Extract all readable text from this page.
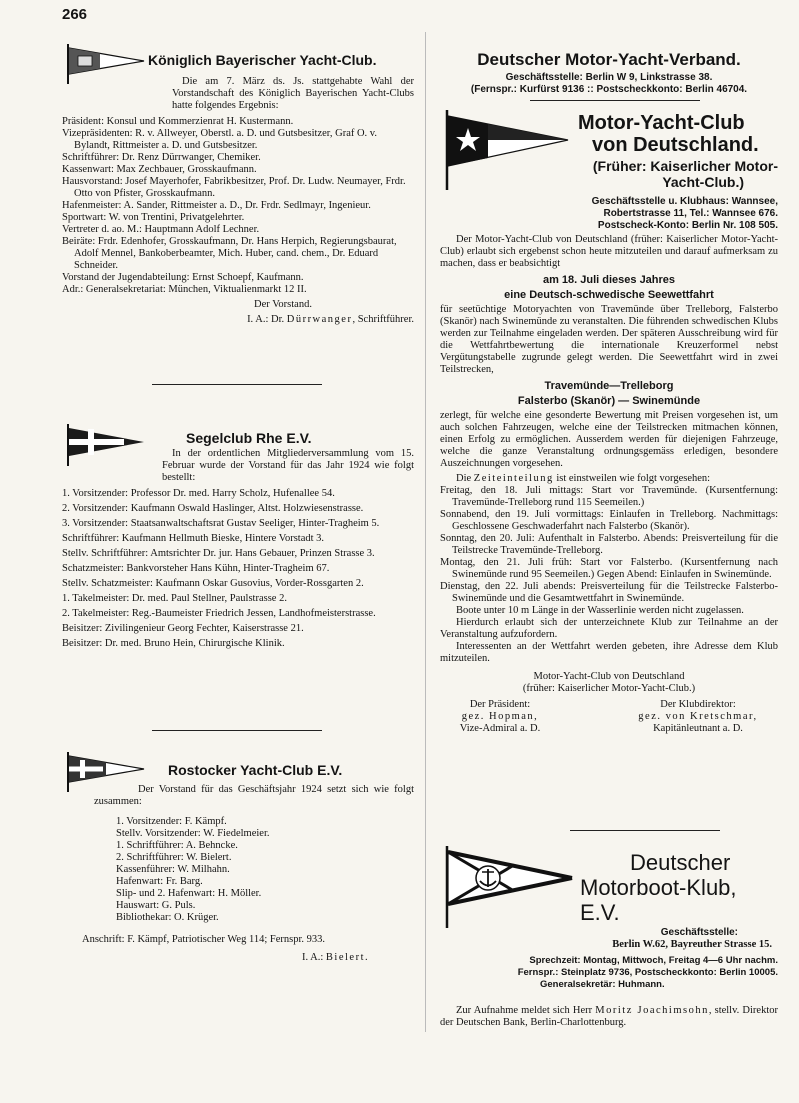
266

Königlich Bayerischer Yacht-Club.

Die am 7. März ds. Js. stattgehabte Wahl der Vorstandschaft des Königlich Bayerischen Yacht-Clubs hatte folgendes Ergebnis:

Präsident: Konsul und Kommerzienrat H. Kustermann.

Vizepräsidenten: R. v. Allweyer, Oberstl. a. D. und Gutsbesitzer, Graf O. v. Bylandt, Rittmeister a. D. und Gutsbesitzer.

Schriftführer: Dr. Renz Dürrwanger, Chemiker.

Kassenwart: Max Zechbauer, Grosskaufmann.

Hausvorstand: Josef Mayerhofer, Fabrikbesitzer, Prof. Dr. Ludw. Neumayer, Frdr. Otto von Pfister, Grosskaufmann.

Hafenmeister: A. Sander, Rittmeister a. D., Dr. Frdr. Sedlmayr, Ingenieur.

Sportwart: W. von Trentini, Privatgelehrter.

Vertreter d. ao. M.: Hauptmann Adolf Lechner.

Beiräte: Frdr. Edenhofer, Grosskaufmann, Dr. Hans Herpich, Regierungsbaurat, Adolf Mennel, Bankoberbeamter, Mich. Huber, cand. chem., Dr. Eduard Schneider.

Vorstand der Jugendabteilung: Ernst Schoepf, Kaufmann.

Adr.: Generalsekretariat: München, Viktualienmarkt 12 II.

Der Vorstand.

I. A.: Dr. Dürrwanger, Schriftführer.

Segelclub Rhe E.V.

In der ordentlichen Mitgliederversammlung vom 15. Februar wurde der Vorstand für das Jahr 1924 wie folgt bestellt:

1. Vorsitzender: Professor Dr. med. Harry Scholz, Hufenallee 54.

2. Vorsitzender: Kaufmann Oswald Haslinger, Altst. Holzwiesenstrasse.

3. Vorsitzender: Staatsanwaltschaftsrat Gustav Seeliger, Hinter-Tragheim 5.

Schriftführer: Kaufmann Hellmuth Bieske, Hintere Vorstadt 3.

Stellv. Schriftführer: Amtsrichter Dr. jur. Hans Gebauer, Prinzen Strasse 3.

Schatzmeister: Bankvorsteher Hans Kühn, Hinter-Tragheim 67.

Stellv. Schatzmeister: Kaufmann Oskar Gusovius, Vorder-Rossgarten 2.

1. Takelmeister: Dr. med. Paul Stellner, Paulstrasse 2.

2. Takelmeister: Reg.-Baumeister Friedrich Jessen, Landhofmeisterstrasse.

Beisitzer: Zivilingenieur Georg Fechter, Kaiserstrasse 21.

Beisitzer: Dr. med. Bruno Hein, Chirurgische Klinik.

Rostocker Yacht-Club E.V.

Der Vorstand für das Geschäftsjahr 1924 setzt sich wie folgt zusammen:

1. Vorsitzender: F. Kämpf.

Stellv. Vorsitzender: W. Fiedelmeier.

1. Schriftführer: A. Behncke.

2. Schriftführer: W. Bielert.

Kassenführer: W. Milhahn.

Hafenwart: Fr. Barg.

Slip- und 2. Hafenwart: H. Möller.

Hauswart: G. Puls.

Bibliothekar: O. Krüger.

Anschrift: F. Kämpf, Patriotischer Weg 114; Fernspr. 933.

I. A.: Bielert.

Deutscher Motor-Yacht-Verband.

Geschäftsstelle: Berlin W 9, Linkstrasse 38.

(Fernspr.: Kurfürst 9136 :: Postscheckkonto: Berlin 46704.

Motor-Yacht-Club

von Deutschland.

(Früher: Kaiserlicher Motor-

Yacht-Club.)

Geschäftsstelle u. Klubhaus: Wannsee,

Robertstrasse 11, Tel.: Wannsee 676.

Postscheck-Konto: Berlin Nr. 108 505.

Der Motor-Yacht-Club von Deutschland (früher: Kaiserlicher Motor-Yacht-Club) erlaubt sich ergebenst schon heute mitzuteilen und darauf aufmerksam zu machen, dass er beabsichtigt

am 18. Juli dieses Jahres

eine Deutsch-schwedische Seewettfahrt

für seetüchtige Motoryachten von Travemünde über Trelleborg, Falsterbo (Skanör) nach Swinemünde zu veranstalten. Die führenden schwedischen Klubs werden zur Teilnahme eingeladen werden. Der späteren Ausschreibung wird für die Wettfahrtbewertung die internationale Kreuzerformel nebst Vergütungstabelle zugrunde gelegt werden. Die Seewettfahrt wird in zwei Teilstrecken,

Travemünde—Trelleborg

Falsterbo (Skanör) — Swinemünde

zerlegt, für welche eine gesonderte Bewertung mit Preisen vorgesehen ist, um auch solchen Fahrzeugen, welche eine der Teilstrecken mitmachen können, einen Erfolg zu ermöglichen. Ausserdem werden für diejenigen Fahrzeuge, welche die ganze Veranstaltung ordnungsgemäss erledigen, besondere Auszeichnungen vorgesehen.

Die Zeiteinteilung ist einstweilen wie folgt vorgesehen:

Freitag, den 18. Juli mittags: Start vor Travemünde. (Kursentfernung: Travemünde-Trelleborg rund 115 Seemeilen.)

Sonnabend, den 19. Juli vormittags: Einlaufen in Trelleborg. Nachmittags: Geschlossene Geschwaderfahrt nach Falsterbo (Skanör).

Sonntag, den 20. Juli: Aufenthalt in Falsterbo. Abends: Preisverteilung für die Teilstrecke Travemünde-Trelleborg.

Montag, den 21. Juli früh: Start vor Falsterbo. (Kursentfernung nach Swinemünde rund 95 Seemeilen.) Gegen Abend: Einlaufen in Swinemünde.

Dienstag, den 22. Juli abends: Preisverteilung für die Teilstrecke Falsterbo-Swinemünde und die Gesamtwettfahrt in Swinemünde.

Boote unter 10 m Länge in der Wasserlinie werden nicht zugelassen.

Hierdurch erlaubt sich der unterzeichnete Klub zur Teilnahme an der Veranstaltung aufzufordern.

Interessenten an der Wettfahrt werden gebeten, ihre Adresse dem Klub mitzuteilen.

Motor-Yacht-Club von Deutschland

(früher: Kaiserlicher Motor-Yacht-Club.)

Der Präsident:

gez. Hopman,

Vize-Admiral a. D.

Der Klubdirektor:

gez. von Kretschmar,

Kapitänleutnant a. D.

Deutscher

Motorboot-Klub, E.V.

Geschäftsstelle:

Berlin W.62, Bayreuther Strasse 15.

Sprechzeit: Montag, Mittwoch, Freitag 4—6 Uhr nachm.

Fernspr.: Steinplatz 9736, Postscheckkonto: Berlin 10005.

Generalsekretär: Huhmann.

Zur Aufnahme meldet sich Herr Moritz Joachimsohn, stellv. Direktor der Deutschen Bank, Berlin-Charlottenburg.
